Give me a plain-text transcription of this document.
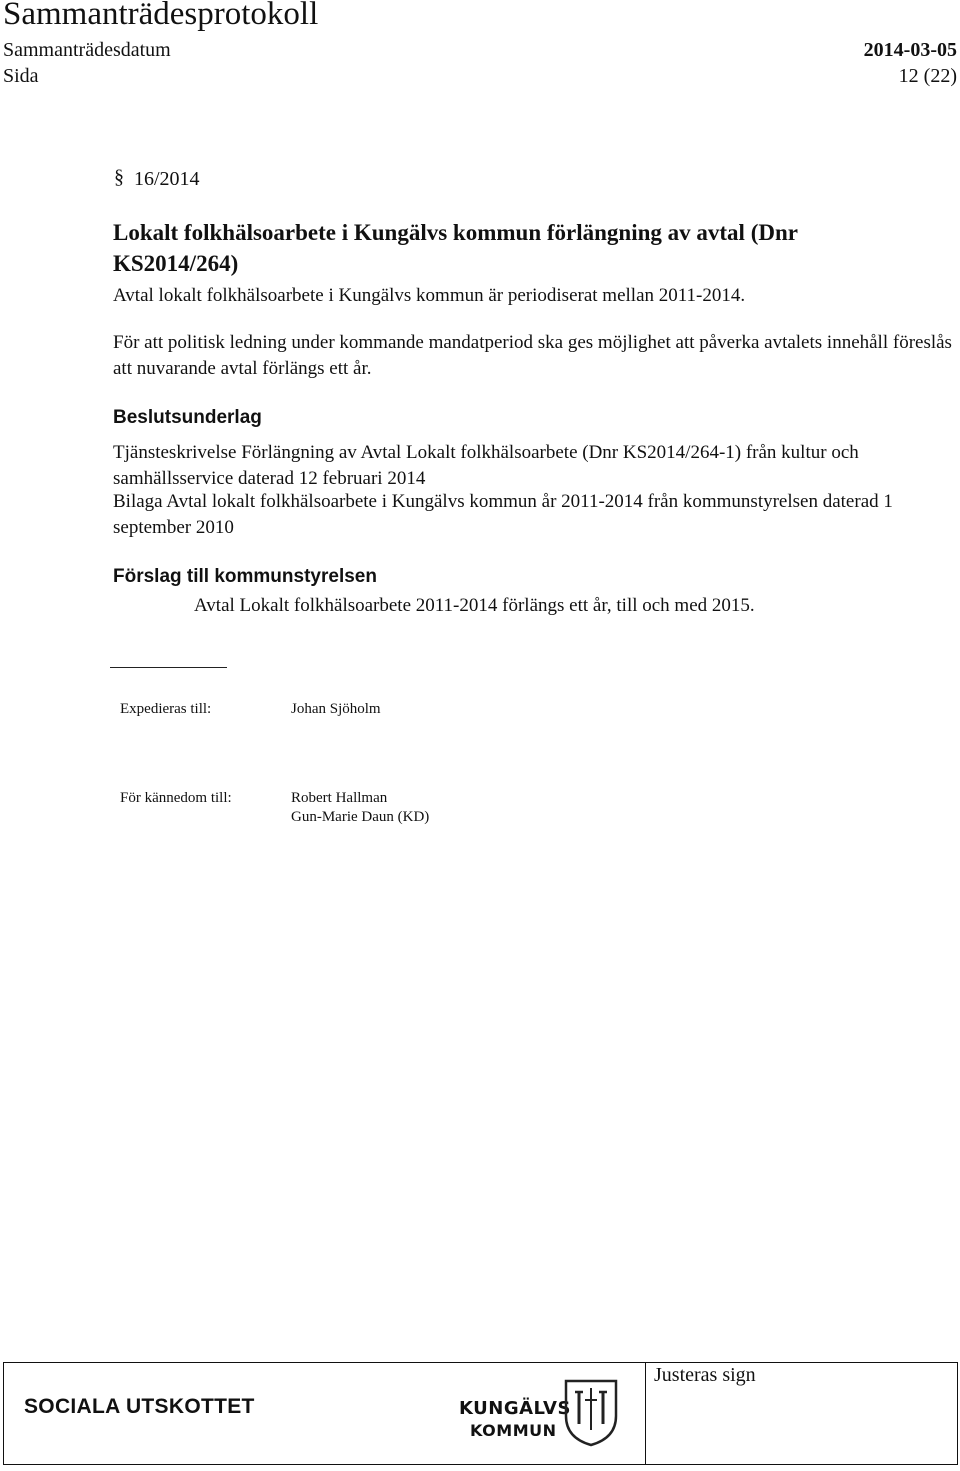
Sammanträdesprotokoll
Sammanträdesdatum	2014-03-05
Sida	12 (22)
§ 16/2014
Lokalt folkhälsoarbete i Kungälvs kommun förlängning av avtal (Dnr KS2014/264)
Avtal lokalt folkhälsoarbete i Kungälvs kommun är periodiserat mellan 2011-2014.
För att politisk ledning under kommande mandatperiod ska ges möjlighet att påverka avtalets innehåll föreslås att nuvarande avtal förlängs ett år.
Beslutsunderlag
Tjänsteskrivelse Förlängning av Avtal Lokalt folkhälsoarbete (Dnr KS2014/264-1) från kultur och samhällsservice daterad 12 februari 2014
Bilaga Avtal lokalt folkhälsoarbete i Kungälvs kommun år 2011-2014 från kommunstyrelsen daterad 1 september 2010
Förslag till kommunstyrelsen
Avtal Lokalt folkhälsoarbete 2011-2014 förlängs ett år, till och med 2015.
Expedieras till:	Johan Sjöholm
För kännedom till:	Robert Hallman
Gun-Marie Daun (KD)
SOCIALA UTSKOTTET	KUNGÄLVS
KOMMUN
Justeras sign
